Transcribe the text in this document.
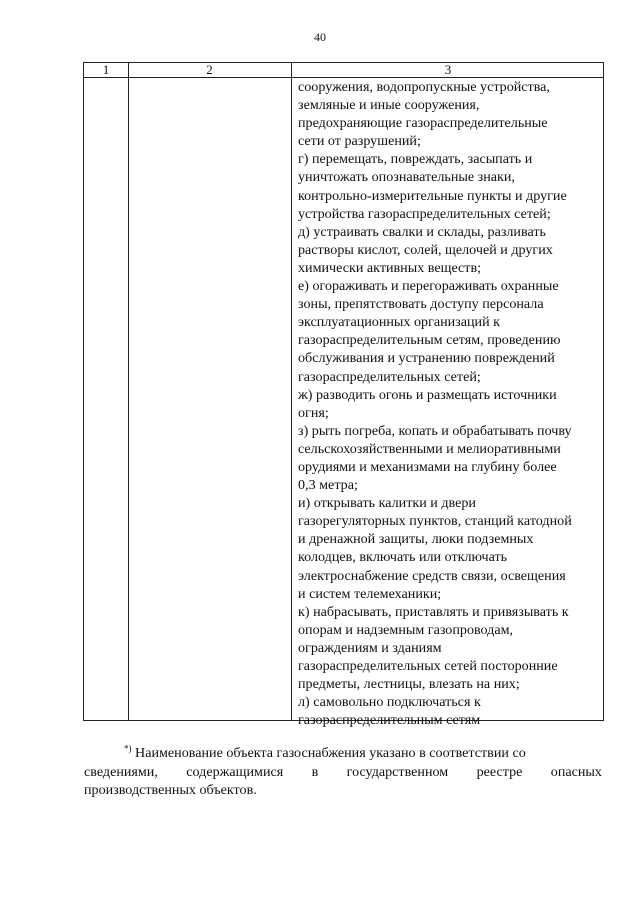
40
1	2	3
сооружения, водопропускные устройства,
земляные и иные сооружения,
предохраняющие газораспределительные
сети от разрушений;
г) перемещать, повреждать, засыпать и
уничтожать опознавательные знаки,
контрольно-измерительные пункты и другие
устройства газораспределительных сетей;
д) устраивать свалки и склады, разливать
растворы кислот, солей, щелочей и других
химически активных веществ;
е) огораживать и перегораживать охранные
зоны, препятствовать доступу персонала
эксплуатационных организаций к
газораспределительным сетям, проведению
обслуживания и устранению повреждений
газораспределительных сетей;
ж) разводить огонь и размещать источники
огня;
з) рыть погреба, копать и обрабатывать почву
сельскохозяйственными и мелиоративными
орудиями и механизмами на глубину более
0,3 метра;
и) открывать калитки и двери
газорегуляторных пунктов, станций катодной
и дренажной защиты, люки подземных
колодцев, включать или отключать
электроснабжение средств связи, освещения
и систем телемеханики;
к) набрасывать, приставлять и привязывать к
опорам и надземным газопроводам,
ограждениям и зданиям
газораспределительных сетей посторонние
предметы, лестницы, влезать на них;
л) самовольно подключаться к
газораспределительным сетям
*) Наименование объекта газоснабжения указано в соответствии со
сведениями, содержащимися в государственном реестре опасных
производственных объектов.
